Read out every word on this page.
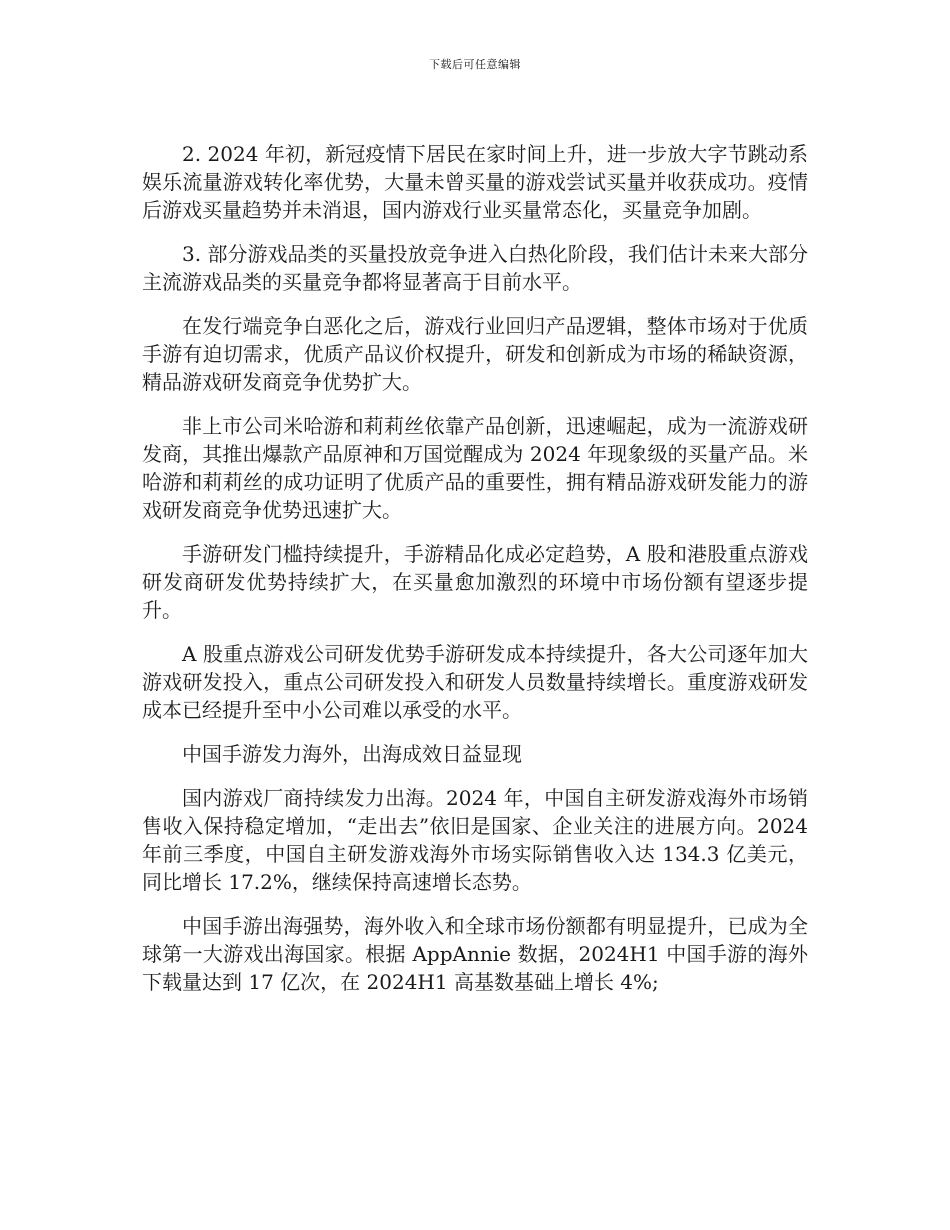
下载后可任意编辑

2. 2024 年初，新冠疫情下居民在家时间上升，进一步放大字节跳动系娱乐流量游戏转化率优势，大量未曾买量的游戏尝试买量并收获成功。疫情后游戏买量趋势并未消退，国内游戏行业买量常态化，买量竞争加剧。

3. 部分游戏品类的买量投放竞争进入白热化阶段，我们估计未来大部分主流游戏品类的买量竞争都将显著高于目前水平。

在发行端竞争白恶化之后，游戏行业回归产品逻辑，整体市场对于优质手游有迫切需求，优质产品议价权提升，研发和创新成为市场的稀缺资源，精品游戏研发商竞争优势扩大。

非上市公司米哈游和莉莉丝依靠产品创新，迅速崛起，成为一流游戏研发商，其推出爆款产品原神和万国觉醒成为 2024 年现象级的买量产品。米哈游和莉莉丝的成功证明了优质产品的重要性，拥有精品游戏研发能力的游戏研发商竞争优势迅速扩大。

手游研发门槛持续提升，手游精品化成必定趋势，A 股和港股重点游戏研发商研发优势持续扩大，在买量愈加激烈的环境中市场份额有望逐步提升。

A 股重点游戏公司研发优势手游研发成本持续提升，各大公司逐年加大游戏研发投入，重点公司研发投入和研发人员数量持续增长。重度游戏研发成本已经提升至中小公司难以承受的水平。

中国手游发力海外，出海成效日益显现

国内游戏厂商持续发力出海。2024 年，中国自主研发游戏海外市场销售收入保持稳定增加，“走出去”依旧是国家、企业关注的进展方向。2024 年前三季度，中国自主研发游戏海外市场实际销售收入达 134.3 亿美元，同比增长 17.2%，继续保持高速增长态势。

中国手游出海强势，海外收入和全球市场份额都有明显提升，已成为全球第一大游戏出海国家。根据 AppAnnie 数据，2024H1 中国手游的海外下载量达到 17 亿次，在 2024H1 高基数基础上增长 4%;
